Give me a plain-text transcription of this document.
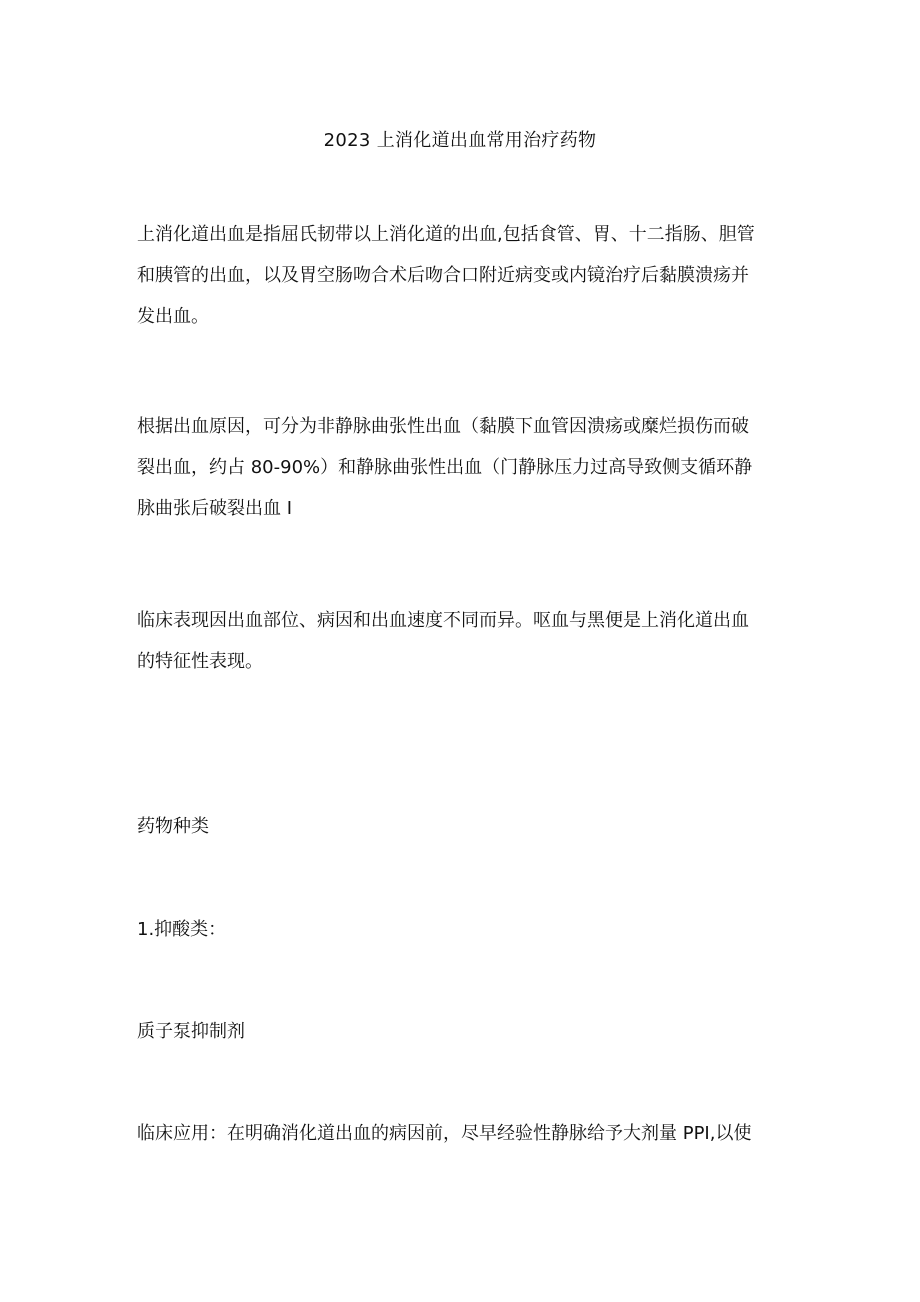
2023 上消化道出血常用治疗药物

上消化道出血是指屈氏韧带以上消化道的出血,包括食管、胃、十二指肠、胆管
和胰管的出血，以及胃空肠吻合术后吻合口附近病变或内镜治疗后黏膜溃疡并
发出血。

根据出血原因，可分为非静脉曲张性出血（黏膜下血管因溃疡或糜烂损伤而破
裂出血，约占 80-90%）和静脉曲张性出血（门静脉压力过高导致侧支循环静
脉曲张后破裂出血 I

临床表现因出血部位、病因和出血速度不同而异。呕血与黑便是上消化道出血
的特征性表现。

药物种类

1.抑酸类：

质子泵抑制剂

临床应用：在明确消化道出血的病因前，尽早经验性静脉给予大剂量 PPI,以使
